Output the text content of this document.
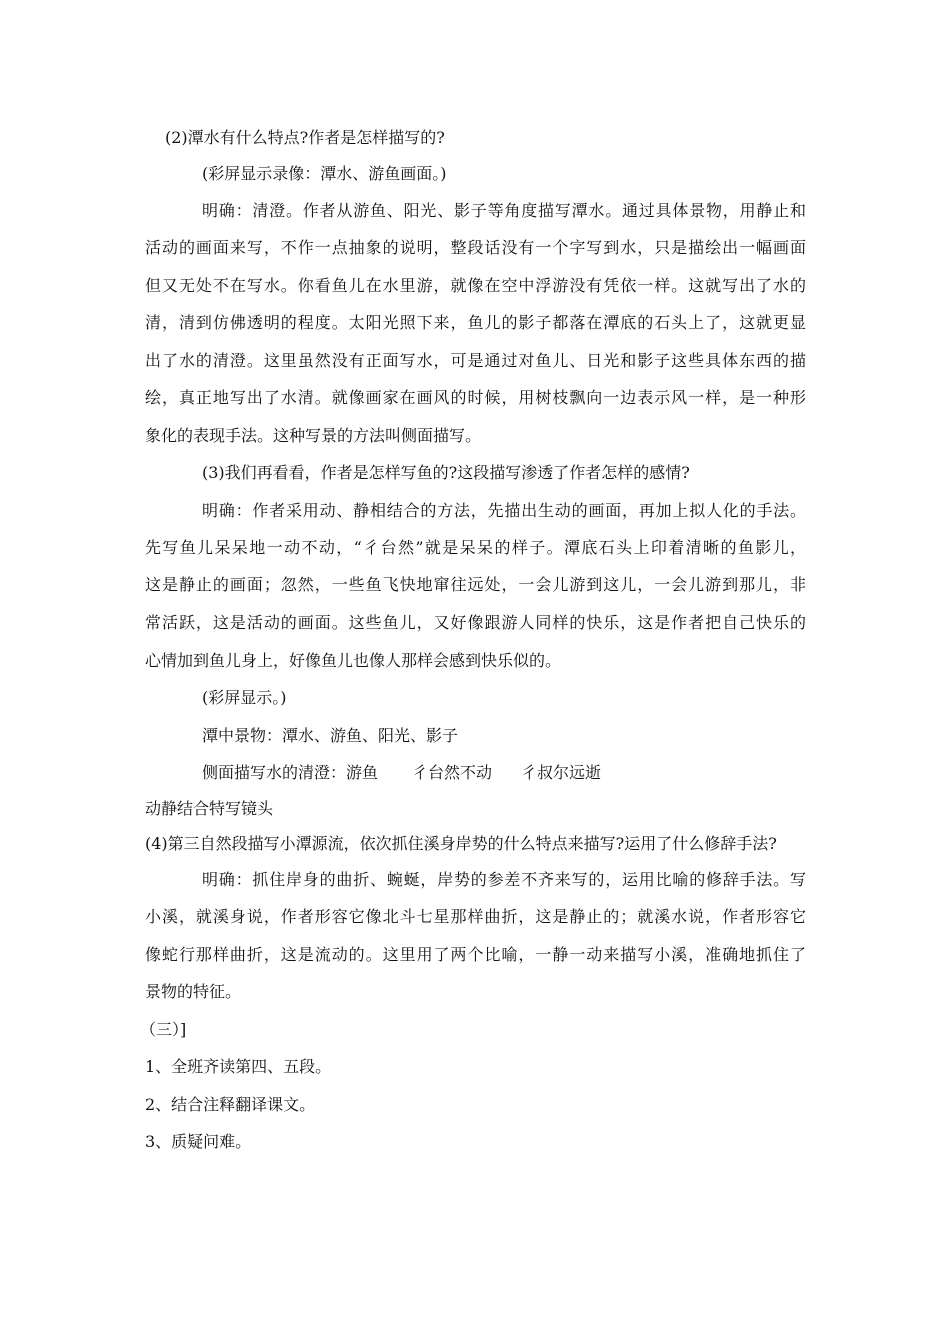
(2)潭水有什么特点?作者是怎样描写的?
(彩屏显示录像：潭水、游鱼画面。)
明确：清澄。作者从游鱼、阳光、影子等角度描写潭水。通过具体景物，用静止和
活动的画面来写，不作一点抽象的说明，整段话没有一个字写到水，只是描绘出一幅画面
但又无处不在写水。你看鱼儿在水里游，就像在空中浮游没有凭依一样。这就写出了水的
清，清到仿佛透明的程度。太阳光照下来，鱼儿的影子都落在潭底的石头上了，这就更显
出了水的清澄。这里虽然没有正面写水，可是通过对鱼儿、日光和影子这些具体东西的描
绘，真正地写出了水清。就像画家在画风的时候，用树枝飘向一边表示风一样，是一种形
象化的表现手法。这种写景的方法叫侧面描写。
(3)我们再看看，作者是怎样写鱼的?这段描写渗透了作者怎样的感情?
明确：作者采用动、静相结合的方法，先描出生动的画面，再加上拟人化的手法。
先写鱼儿呆呆地一动不动，“彳台然”就是呆呆的样子。潭底石头上印着清晰的鱼影儿，
这是静止的画面；忽然，一些鱼飞快地窜往远处，一会儿游到这儿，一会儿游到那儿，非
常活跃，这是活动的画面。这些鱼儿，又好像跟游人同样的快乐，这是作者把自己快乐的
心情加到鱼儿身上，好像鱼儿也像人那样会感到快乐似的。
(彩屏显示。)
潭中景物：潭水、游鱼、阳光、影子
侧面描写水的清澄：游鱼 彳台然不动 彳叔尔远逝
动静结合特写镜头
(4)第三自然段描写小潭源流，依次抓住溪身岸势的什么特点来描写?运用了什么修辞手法?
明确：抓住岸身的曲折、蜿蜒，岸势的参差不齐来写的，运用比喻的修辞手法。写
小溪，就溪身说，作者形容它像北斗七星那样曲折，这是静止的；就溪水说，作者形容它
像蛇行那样曲折，这是流动的。这里用了两个比喻，一静一动来描写小溪，准确地抓住了
景物的特征。
（三）]
1、全班齐读第四、五段。
2、结合注释翻译课文。
3、质疑问难。
